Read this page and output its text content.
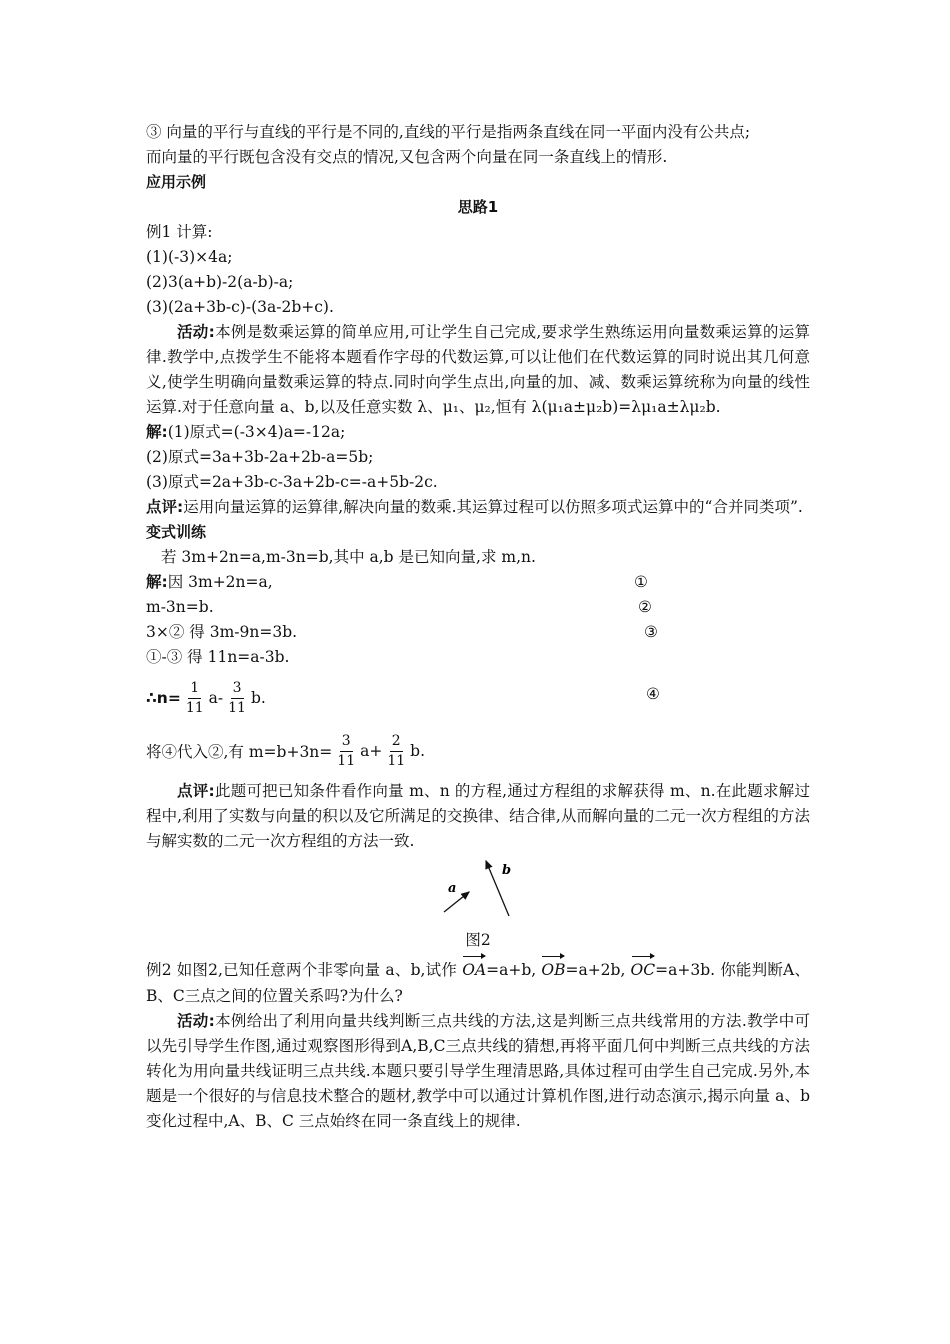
③ 向量的平行与直线的平行是不同的,直线的平行是指两条直线在同一平面内没有公共点;

而向量的平行既包含没有交点的情况,又包含两个向量在同一条直线上的情形.

应用示例

思路1

例1 计算:

(1)(-3)×4a;

(2)3(a+b)-2(a-b)-a;

(3)(2a+3b-c)-(3a-2b+c).

活动:本例是数乘运算的简单应用,可让学生自己完成,要求学生熟练运用向量数乘运算的运算律.教学中,点拨学生不能将本题看作字母的代数运算,可以让他们在代数运算的同时说出其几何意义,使学生明确向量数乘运算的特点.同时向学生点出,向量的加、减、数乘运算统称为向量的线性运算.对于任意向量 a、b,以及任意实数 λ、μ₁、μ₂,恒有 λ(μ₁a±μ₂b)=λμ₁a±λμ₂b.

解:(1)原式=(-3×4)a=-12a;

(2)原式=3a+3b-2a+2b-a=5b;

(3)原式=2a+3b-c-3a+2b-c=-a+5b-2c.

点评:运用向量运算的运算律,解决向量的数乘.其运算过程可以仿照多项式运算中的“合并同类项”.

变式训练

若 3m+2n=a,m-3n=b,其中 a,b 是已知向量,求 m,n.

解:因 3m+2n=a,	①
m-3n=b.	②
3×② 得 3m-9n=3b.	③
①-③ 得 11n=a-3b.
∴n= $\frac{1}{11} a- \frac{3}{11} b$.	④
将④代入②,有 $m=b+3n= \frac{3}{11} a+ \frac{2}{11} b$.

点评:此题可把已知条件看作向量 m、n 的方程,通过方程组的求解获得 m、n.在此题求解过程中,利用了实数与向量的积以及它所满足的交换律、结合律,从而解向量的二元一次方程组的方法与解实数的二元一次方程组的方法一致.

a
b

图2

例2 如图2,已知任意两个非零向量 a、b,试作 OA=a+b, OB=a+2b, OC=a+3b. 你能判断A、B、C三点之间的位置关系吗?为什么?

活动:本例给出了利用向量共线判断三点共线的方法,这是判断三点共线常用的方法.教学中可以先引导学生作图,通过观察图形得到A,B,C三点共线的猜想,再将平面几何中判断三点共线的方法转化为用向量共线证明三点共线.本题只要引导学生理清思路,具体过程可由学生自己完成.另外,本题是一个很好的与信息技术整合的题材,教学中可以通过计算机作图,进行动态演示,揭示向量 a、b 变化过程中,A、B、C 三点始终在同一条直线上的规律.
